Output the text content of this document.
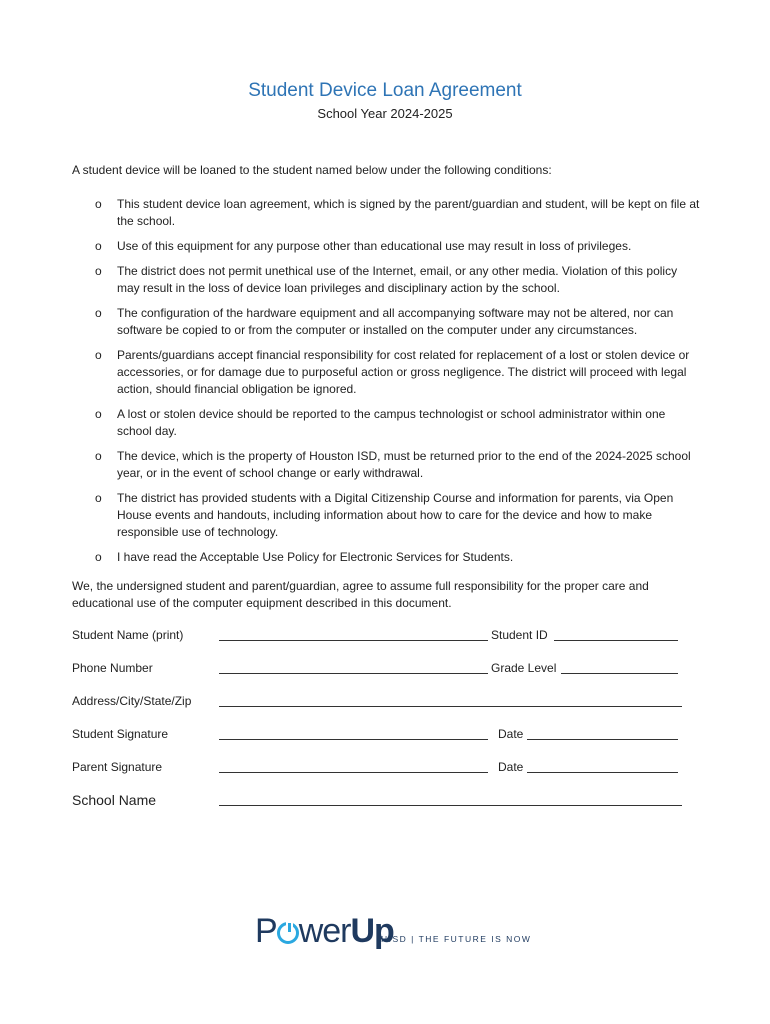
Student Device Loan Agreement
School Year 2024-2025
A student device will be loaned to the student named below under the following conditions:
o This student device loan agreement, which is signed by the parent/guardian and student, will be kept on file at the school.
o Use of this equipment for any purpose other than educational use may result in loss of privileges.
o The district does not permit unethical use of the Internet, email, or any other media. Violation of this policy may result in the loss of device loan privileges and disciplinary action by the school.
o The configuration of the hardware equipment and all accompanying software may not be altered, nor can software be copied to or from the computer or installed on the computer under any circumstances.
o Parents/guardians accept financial responsibility for cost related for replacement of a lost or stolen device or accessories, or for damage due to purposeful action or gross negligence. The district will proceed with legal action, should financial obligation be ignored.
o A lost or stolen device should be reported to the campus technologist or school administrator within one school day.
o The device, which is the property of Houston ISD, must be returned prior to the end of the 2024-2025 school year, or in the event of school change or early withdrawal.
o The district has provided students with a Digital Citizenship Course and information for parents, via Open House events and handouts, including information about how to care for the device and how to make responsible use of technology.
o I have read the Acceptable Use Policy for Electronic Services for Students.
We, the undersigned student and parent/guardian, agree to assume full responsibility for the proper care and educational use of the computer equipment described in this document.
Student Name (print)	Student ID
Phone Number	Grade Level
Address/City/State/Zip
Student Signature	Date
Parent Signature	Date
School Name
P werUp
HISD | THE FUTURE IS NOW
